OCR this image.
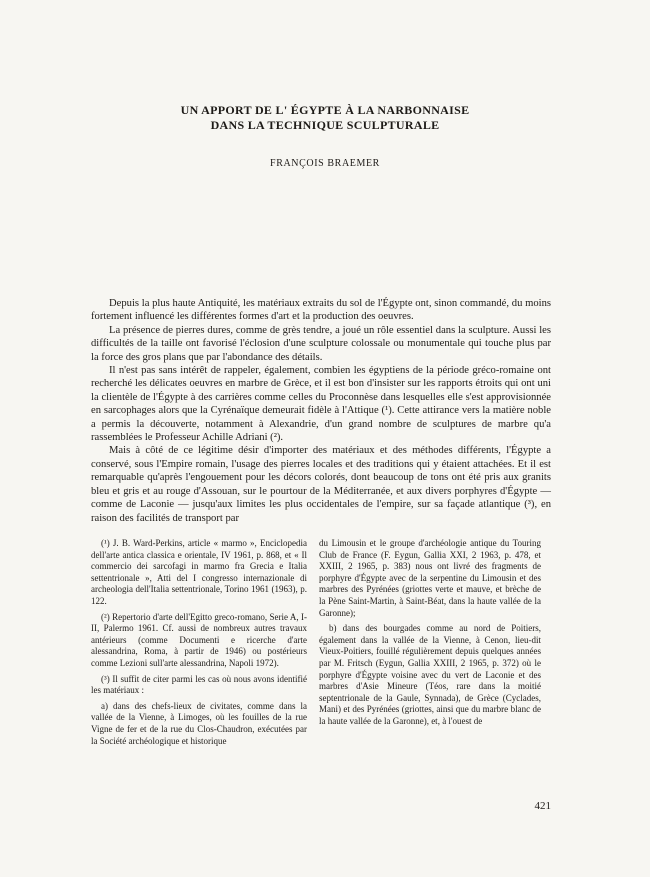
UN APPORT DE L' ÉGYPTE À LA NARBONNAISE
DANS LA TECHNIQUE SCULPTURALE
FRANÇOIS BRAEMER

Depuis la plus haute Antiquité, les matériaux extraits du sol de l'Égypte ont, sinon commandé, du moins fortement influencé les différentes formes d'art et la production des oeuvres.

La présence de pierres dures, comme de grès tendre, a joué un rôle essentiel dans la sculpture. Aussi les difficultés de la taille ont favorisé l'éclosion d'une sculpture colossale ou monumentale qui touche plus par la force des gros plans que par l'abondance des détails.

Il n'est pas sans intérêt de rappeler, également, combien les égyptiens de la période gréco-romaine ont recherché les délicates oeuvres en marbre de Grèce, et il est bon d'insister sur les rapports étroits qui ont uni la clientèle de l'Égypte à des carrières comme celles du Proconnèse dans lesquelles elle s'est approvisionnée en sarcophages alors que la Cyrénaïque demeurait fidèle à l'Attique (¹). Cette attirance vers la matière noble a permis la découverte, notamment à Alexandrie, d'un grand nombre de sculptures de marbre qu'a rassemblées le Professeur Achille Adriani (²).

Mais à côté de ce légitime désir d'importer des matériaux et des méthodes différents, l'Égypte a conservé, sous l'Empire romain, l'usage des pierres locales et des traditions qui y étaient attachées. Et il est remarquable qu'après l'engouement pour les décors colorés, dont beaucoup de tons ont été pris aux granits bleu et gris et au rouge d'Assouan, sur le pourtour de la Méditerranée, et aux divers porphyres d'Égypte — comme de Laconie — jusqu'aux limites les plus occidentales de l'empire, sur sa façade atlantique (³), en raison des facilités de transport par

(¹) J. B. Ward-Perkins, article « marmo », Enciclopedia dell'arte antica classica e orientale, IV 1961, p. 868, et « Il commercio dei sarcofagi in marmo fra Grecia e Italia settentrionale », Atti del I congresso internazionale di archeologia dell'Italia settentrionale, Torino 1961 (1963), p. 122.

(²) Repertorio d'arte dell'Egitto greco-romano, Serie A, I-II, Palermo 1961. Cf. aussi de nombreux autres travaux antérieurs (comme Documenti e ricerche d'arte alessandrina, Roma, à partir de 1946) ou postérieurs comme Lezioni sull'arte alessandrina, Napoli 1972).

(³) Il suffit de citer parmi les cas où nous avons identifié les matériaux :

a) dans des chefs-lieux de civitates, comme dans la vallée de la Vienne, à Limoges, où les fouilles de la rue Vigne de fer et de la rue du Clos-Chaudron, exécutées par la Société archéologique et historique

du Limousin et le groupe d'archéologie antique du Touring Club de France (F. Eygun, Gallia XXI, 2 1963, p. 478, et XXIII, 2 1965, p. 383) nous ont livré des fragments de porphyre d'Égypte avec de la serpentine du Limousin et des marbres des Pyrénées (griottes verte et mauve, et brèche de la Pène Saint-Martin, à Saint-Béat, dans la haute vallée de la Garonne);

b) dans des bourgades comme au nord de Poitiers, également dans la vallée de la Vienne, à Cenon, lieu-dit Vieux-Poitiers, fouillé régulièrement depuis quelques années par M. Fritsch (Eygun, Gallia XXIII, 2 1965, p. 372) où le porphyre d'Égypte voisine avec du vert de Laconie et des marbres d'Asie Mineure (Téos, rare dans la moitié septentrionale de la Gaule, Synnada), de Grèce (Cyclades, Mani) et des Pyrénées (griottes, ainsi que du marbre blanc de la haute vallée de la Garonne), et, à l'ouest de

421
